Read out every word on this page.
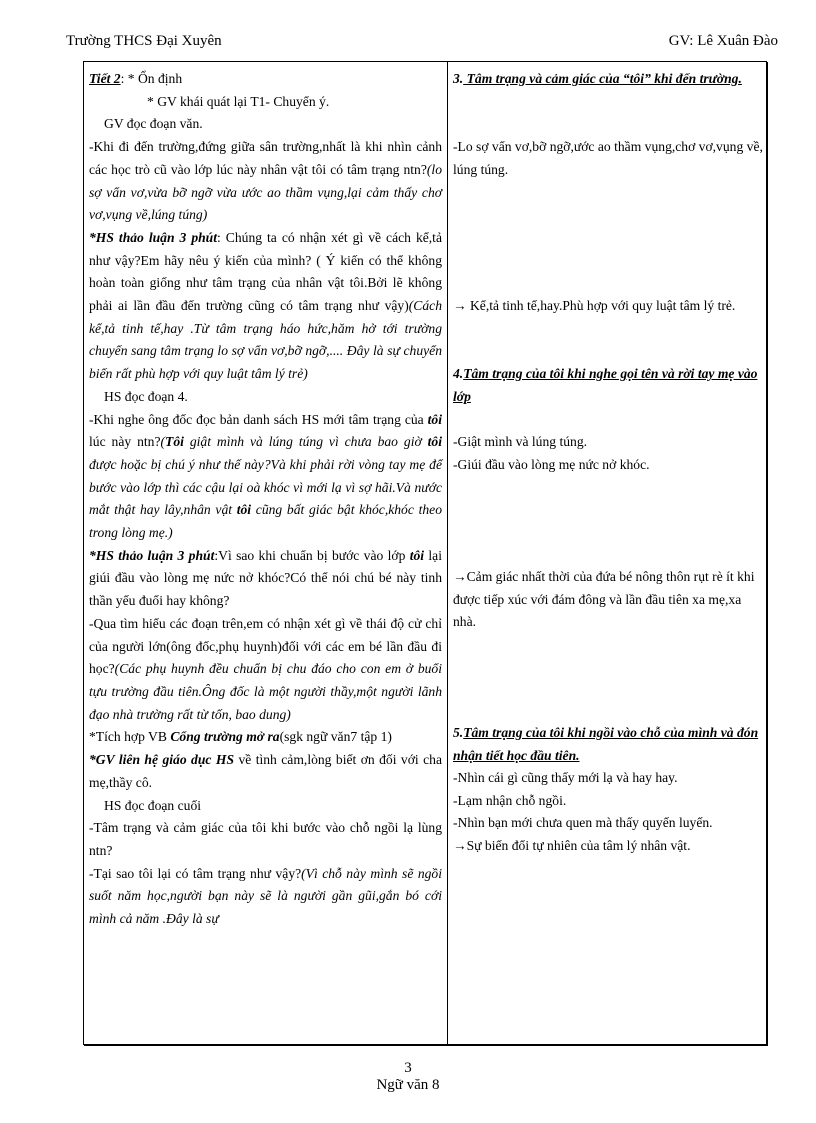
Trường THCS Đại Xuyên	GV: Lê Xuân Đào

Tiết 2: * Ổn định

* GV khái quát lại T1- Chuyển ý.

GV đọc đoạn văn.

-Khi đi đến trường,đứng giữa sân trường,nhất là khi nhìn cảnh các học trò cũ vào lớp lúc này nhân vật tôi có tâm trạng ntn?(lo sợ vẩn vơ,vừa bỡ ngỡ vừa ước ao thầm vụng,lại cảm thấy chơ vơ,vụng về,lúng túng)

*HS thảo luận 3 phút: Chúng ta có nhận xét gì về cách kể,tả như vậy?Em hãy nêu ý kiến của mình? ( Ý kiến có thể không hoàn toàn giống như tâm trạng của nhân vật tôi.Bởi lẽ không phải ai lần đầu đến trường cũng có tâm trạng như vậy)(Cách kể,tả tinh tế,hay .Từ tâm trạng háo hức,hăm hở tới trường chuyển sang tâm trạng lo sợ vẩn vơ,bỡ ngỡ,.... Đây là sự chuyển biến rất phù hợp với quy luật tâm lý trẻ)

HS đọc đoạn 4.

-Khi nghe ông đốc đọc bản danh sách HS mới tâm trạng của tôi lúc này ntn?(Tôi giật mình và lúng túng vì chưa bao giờ tôi được hoặc bị chú ý như thế này?Và khi phải rời vòng tay mẹ để bước vào lớp thì các cậu lại oà khóc vì mới lạ vì sợ hãi.Và nước mắt thật hay lây,nhân vật tôi cũng bất giác bật khóc,khóc theo trong lòng mẹ.)

*HS thảo luận 3 phút:Vì sao khi chuẩn bị bước vào lớp tôi lại giúi đầu vào lòng mẹ nức nở khóc?Có thể nói chú bé này tinh thần yếu đuối hay không?

-Qua tìm hiểu các đoạn trên,em có nhận xét gì về thái độ cử chỉ của người lớn(ông đốc,phụ huynh)đối với các em bé lần đầu đi học?(Các phụ huynh đều chuẩn bị chu đáo cho con em ở buổi tựu trường đầu tiên.Ông đốc là một người thầy,một người lãnh đạo nhà trường rất từ tốn, bao dung)

*Tích hợp VB Cổng trường mở ra(sgk ngữ văn7 tập 1)

*GV liên hệ giáo dục HS về tình cảm,lòng biết ơn đối với cha mẹ,thầy cô.

HS đọc đoạn cuối

-Tâm trạng và cảm giác của tôi khi bước vào chỗ ngồi lạ lùng ntn?

-Tại sao tôi lại có tâm trạng như vậy?(Vì chỗ này mình sẽ ngồi suốt năm học,người bạn này sẽ là người gần gũi,gắn bó cới mình cả năm .Đây là sự

3. Tâm trạng và cảm giác của “tôi” khi đến trường.

-Lo sợ vẩn vơ,bỡ ngỡ,ước ao thầm vụng,chơ vơ,vụng về,

lúng túng.

→ Kể,tả tinh tế,hay.Phù hợp với quy luật tâm lý trẻ.

4.Tâm trạng của tôi khi nghe gọi tên và rời tay mẹ vào lớp

-Giật mình và lúng túng.

-Giúi đầu vào lòng mẹ nức nở khóc.

→Cảm giác nhất thời của đứa bé nông thôn rụt rè ít khi được tiếp xúc với đám đông và lần đầu tiên xa mẹ,xa nhà.

5.Tâm trạng của tôi khi ngồi vào chỗ của mình và đón nhận tiết học đầu tiên.

-Nhìn cái gì cũng thấy mới lạ và hay hay.

-Lạm nhận chỗ ngồi.

-Nhìn bạn mới chưa quen mà thấy quyến luyến.

→Sự biến đổi tự nhiên của tâm lý nhân vật.

3
Ngữ văn 8
